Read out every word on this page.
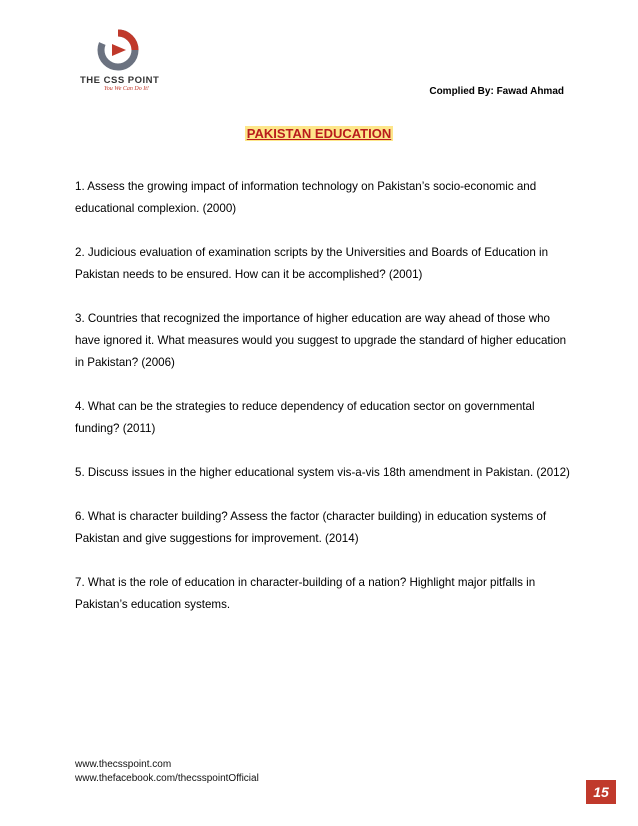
THE CSS POINT
You We Can Do It!	Complied By: Fawad Ahmad
PAKISTAN EDUCATION

1. Assess the growing impact of information technology on Pakistan’s socio-economic and educational complexion. (2000)

2. Judicious evaluation of examination scripts by the Universities and Boards of Education in Pakistan needs to be ensured. How can it be accomplished? (2001)

3. Countries that recognized the importance of higher education are way ahead of those who have ignored it. What measures would you suggest to upgrade the standard of higher education in Pakistan? (2006)

4. What can be the strategies to reduce dependency of education sector on governmental funding? (2011)

5. Discuss issues in the higher educational system vis-a-vis 18th amendment in Pakistan. (2012)

6. What is character building? Assess the factor (character building) in education systems of Pakistan and give suggestions for improvement. (2014)

7. What is the role of education in character-building of a nation? Highlight major pitfalls in Pakistan’s education systems.

www.thecsspoint.com
www.thefacebook.com/thecsspointOfficial
15
